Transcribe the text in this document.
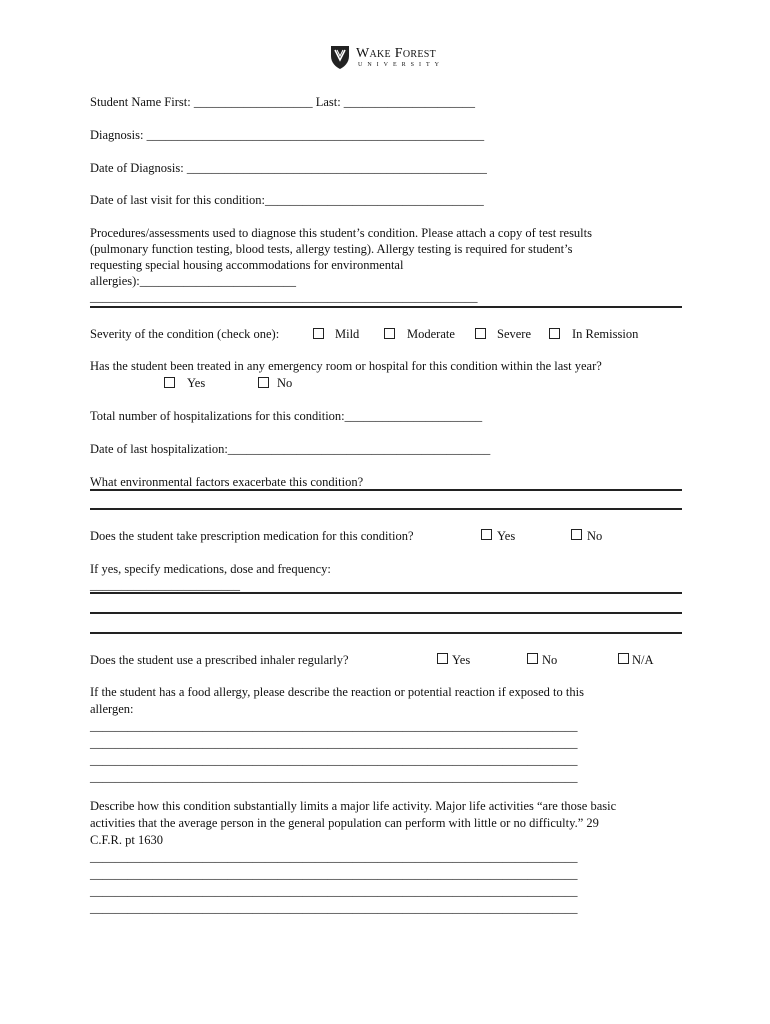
Wake Forest
UNIVERSITY
Student Name First: ___________________ Last: _____________________
Diagnosis: ______________________________________________________
Date of Diagnosis: ________________________________________________
Date of last visit for this condition:___________________________________
Procedures/assessments used to diagnose this student’s condition. Please attach a copy of test results
(pulmonary function testing, blood tests, allergy testing). Allergy testing is required for student’s
requesting special housing accommodations for environmental
allergies):_________________________
______________________________________________________________
Severity of the condition (check one):	Mild	Moderate	Severe	In Remission
Has the student been treated in any emergency room or hospital for this condition within the last year?
Yes	No
Total number of hospitalizations for this condition:______________________
Date of last hospitalization:__________________________________________
What environmental factors exacerbate this condition?
Does the student take prescription medication for this condition?	Yes	No
If yes, specify medications, dose and frequency:
________________________
Does the student use a prescribed inhaler regularly?	Yes	No	N/A
If the student has a food allergy, please describe the reaction or potential reaction if exposed to this
allergen:
______________________________________________________________________________
______________________________________________________________________________
______________________________________________________________________________
______________________________________________________________________________
Describe how this condition substantially limits a major life activity. Major life activities “are those basic
activities that the average person in the general population can perform with little or no difficulty.” 29
C.F.R. pt 1630
______________________________________________________________________________
______________________________________________________________________________
______________________________________________________________________________
______________________________________________________________________________
